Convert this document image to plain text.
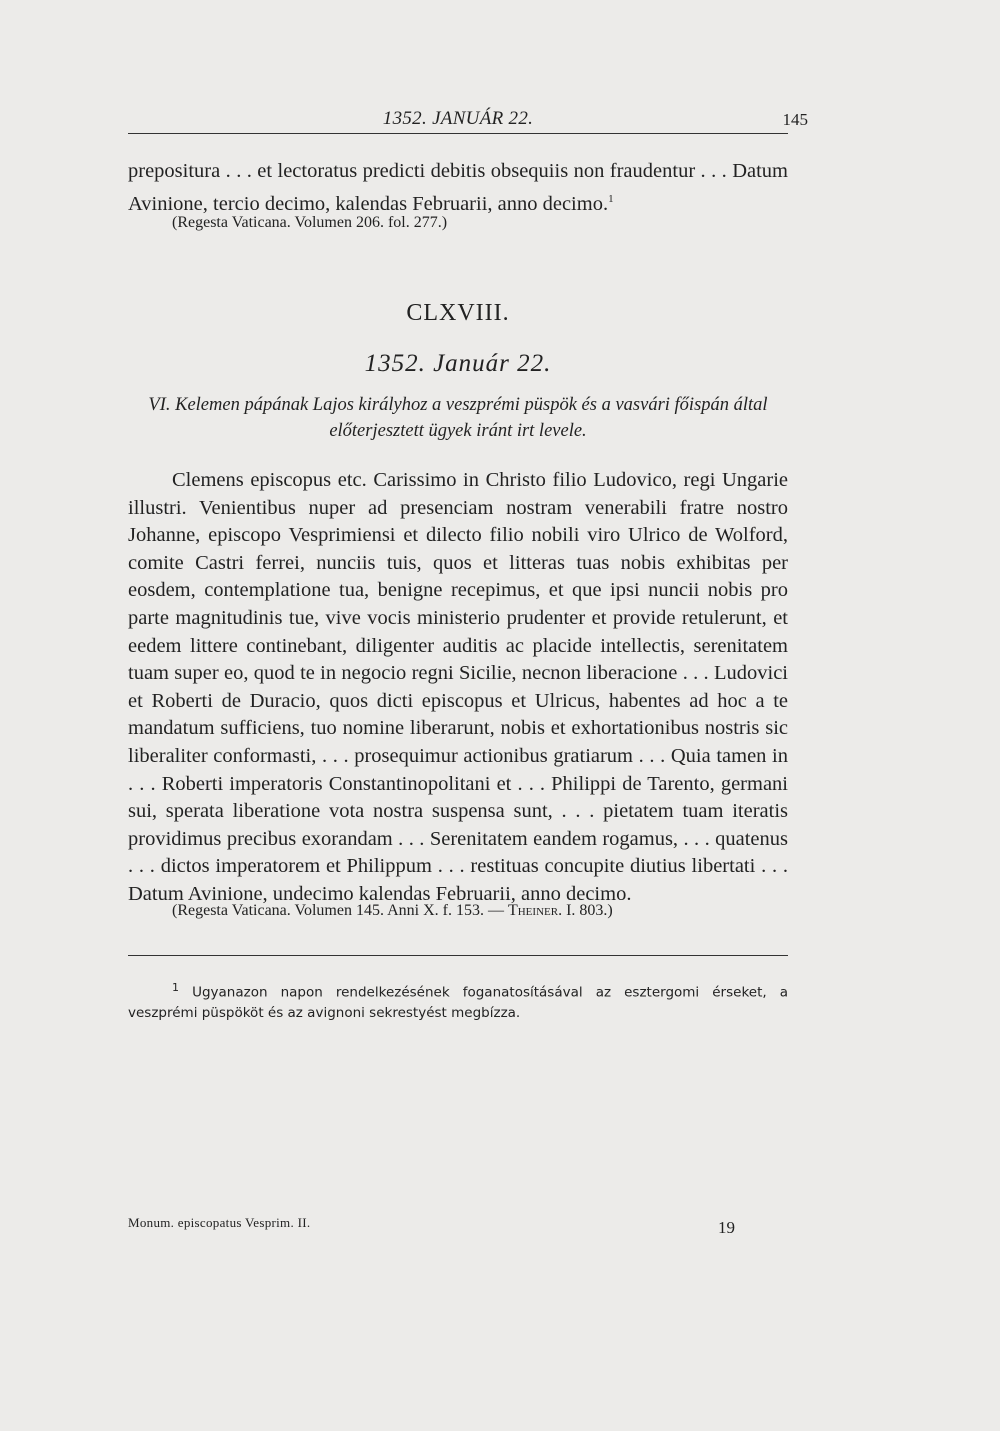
1352. JANUÁR 22.	145

prepositura . . . et lectoratus predicti debitis obsequiis non fraudentur . . . Datum Avinione, tercio decimo, kalendas Februarii, anno decimo.$^1$

(Regesta Vaticana. Volumen 206. fol. 277.)
CLXVIII.
1352. Január 22.
VI. Kelemen pápának Lajos királyhoz a veszprémi püspök és a vasvári főispán által
előterjesztett ügyek iránt irt levele.

Clemens episcopus etc. Carissimo in Christo filio Ludovico, regi Ungarie illustri. Venientibus nuper ad presenciam nostram venerabili fratre nostro Johanne, episcopo Vesprimiensi et dilecto filio nobili viro Ulrico de Wolford, comite Castri ferrei, nunciis tuis, quos et litteras tuas nobis exhibitas per eosdem, contemplatione tua, benigne recepimus, et que ipsi nuncii nobis pro parte magnitudinis tue, vive vocis ministerio prudenter et provide retulerunt, et eedem littere continebant, diligenter auditis ac placide intellectis, serenitatem tuam super eo, quod te in negocio regni Sicilie, necnon liberacione . . . Ludovici et Roberti de Duracio, quos dicti episcopus et Ulricus, habentes ad hoc a te mandatum sufficiens, tuo nomine liberarunt, nobis et exhortationibus nostris sic liberaliter conformasti, . . . prosequimur actionibus gratiarum . . . Quia tamen in . . . Roberti imperatoris Constantinopolitani et . . . Philippi de Tarento, germani sui, sperata liberatione vota nostra suspensa sunt, . . . pietatem tuam iteratis providimus precibus exorandam . . . Serenitatem eandem rogamus, . . . quatenus . . . dictos imperatorem et Philippum . . . restituas concupite diutius libertati . . . Datum Avinione, undecimo kalendas Februarii, anno decimo.

(Regesta Vaticana. Volumen 145. Anni X. f. 153. — Theiner. I. 803.)

$^1$ Ugyanazon napon rendelkezésének foganatosításával az esztergomi érseket, a veszprémi püspököt és az avignoni sekrestyést megbízza.

Monum. episcopatus Vesprim. II.	19
